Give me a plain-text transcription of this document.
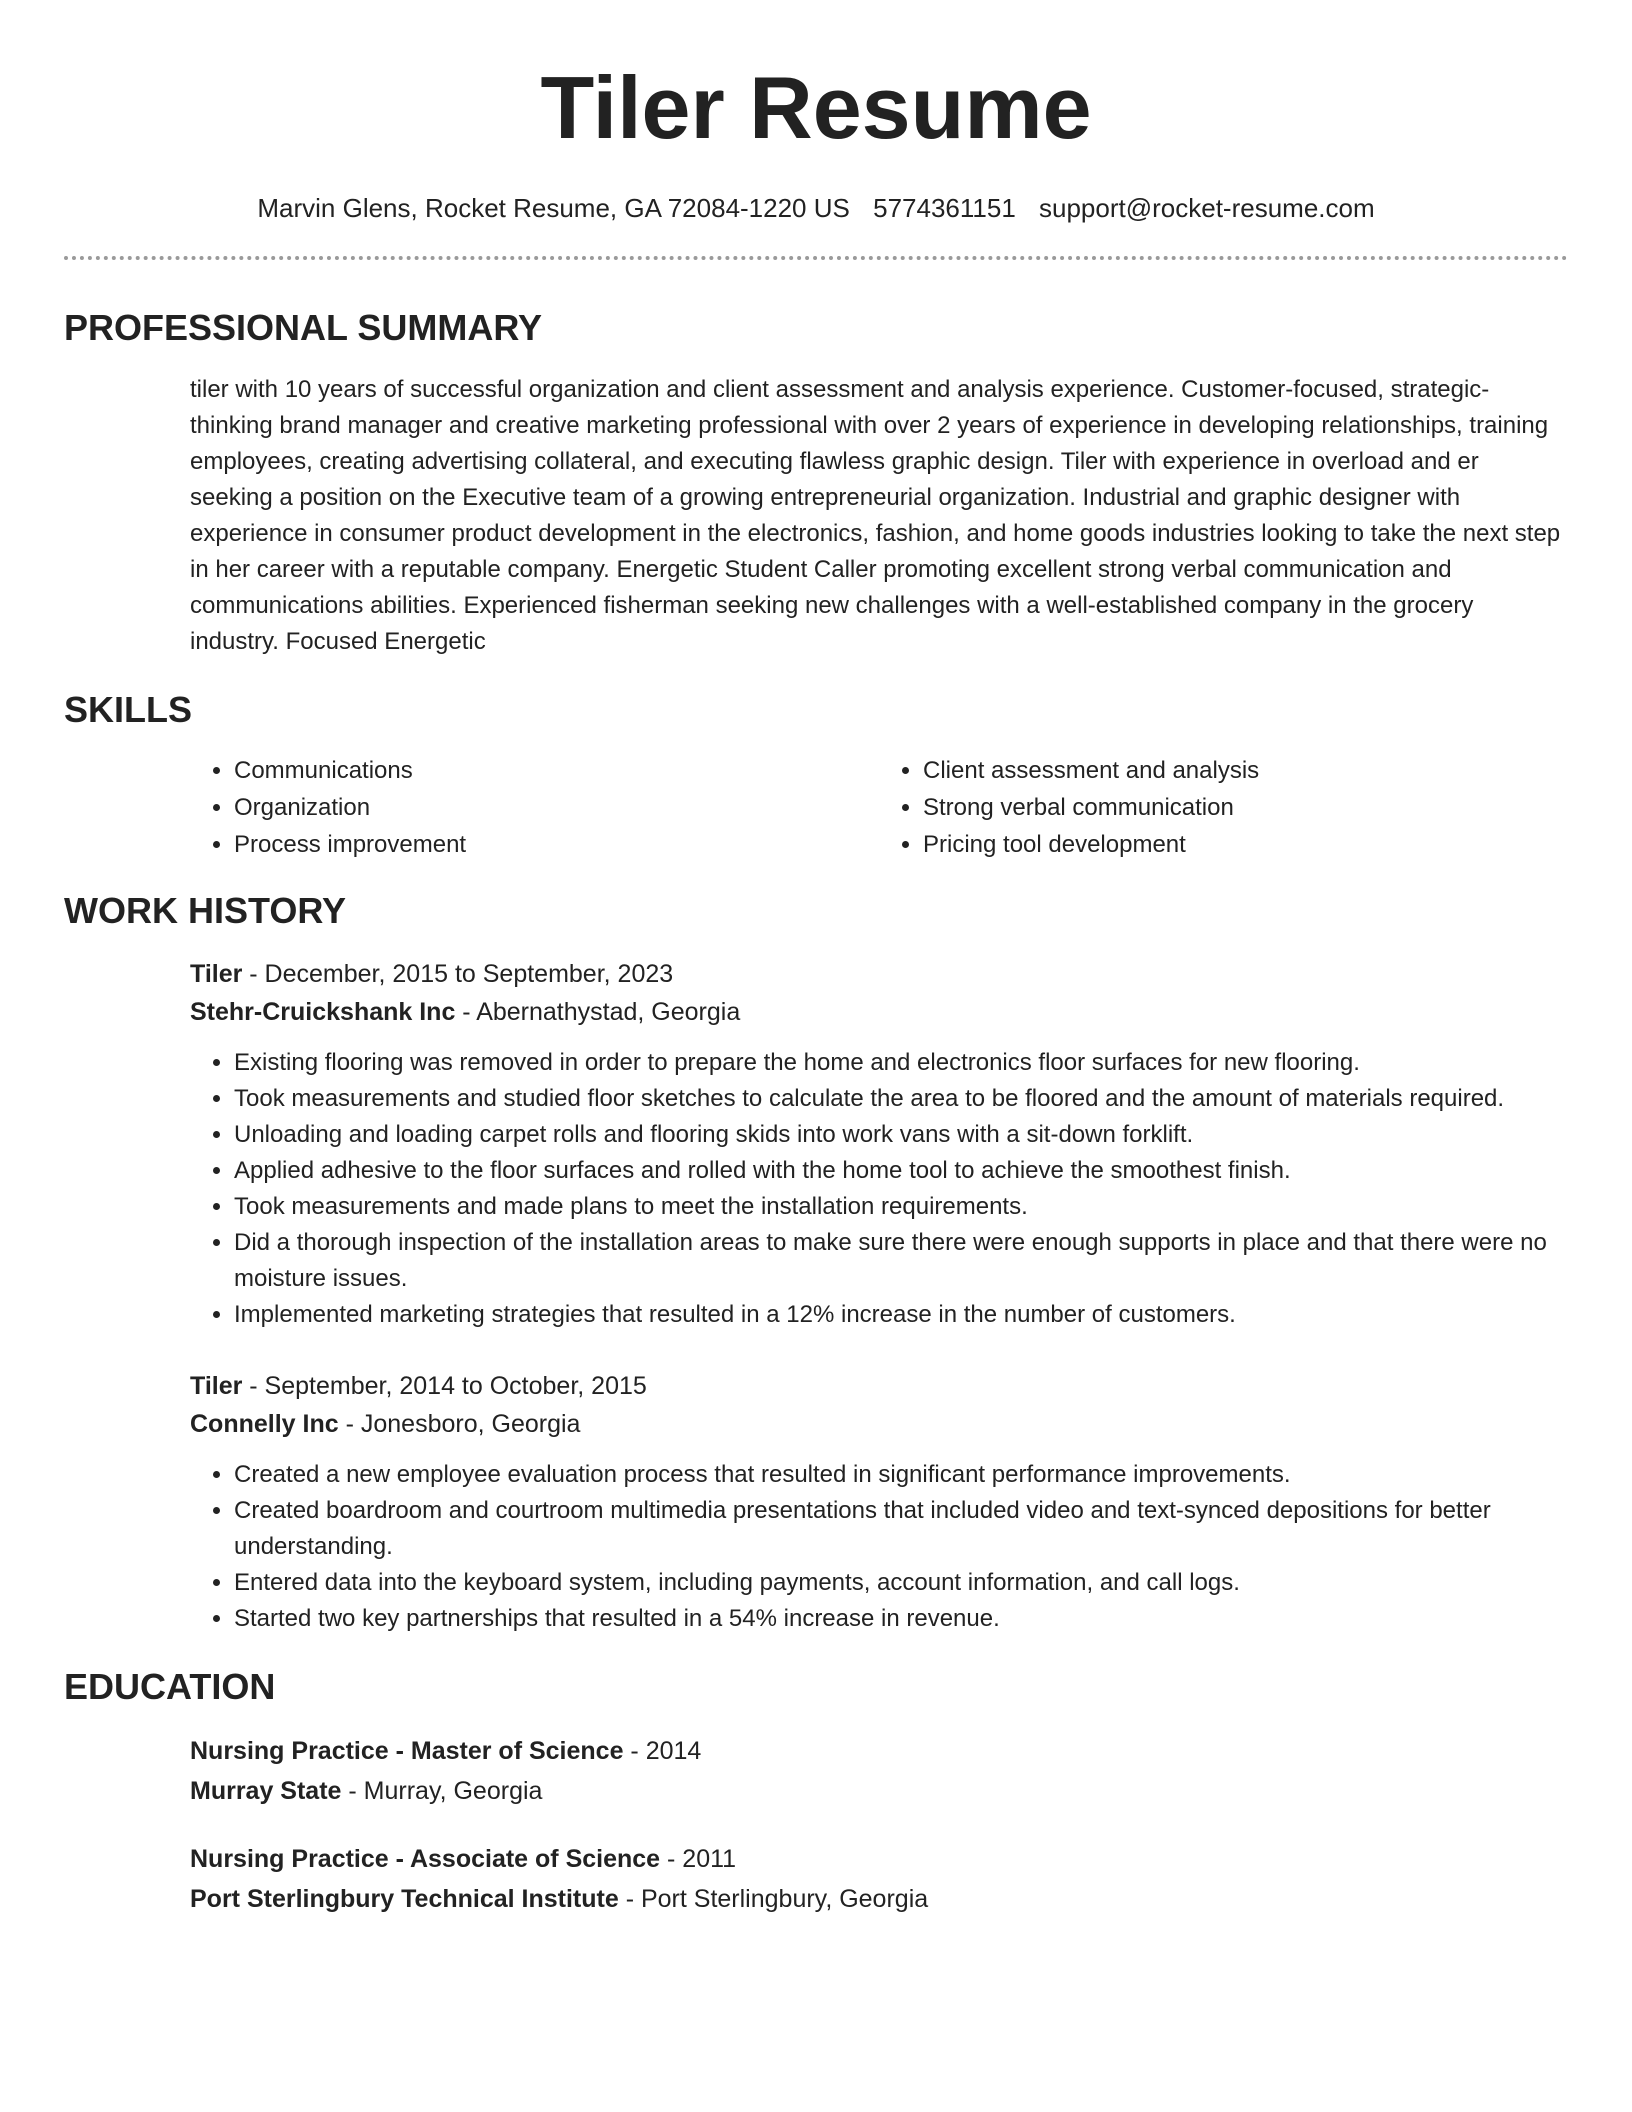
Tiler Resume
Marvin Glens, Rocket Resume, GA 72084-1220 US 5774361151 support@rocket-resume.com
PROFESSIONAL SUMMARY

tiler with 10 years of successful organization and client assessment and analysis experience. Customer-focused, strategic-thinking brand manager and creative marketing professional with over 2 years of experience in developing relationships, training employees, creating advertising collateral, and executing flawless graphic design. Tiler with experience in overload and er seeking a position on the Executive team of a growing entrepreneurial organization. Industrial and graphic designer with experience in consumer product development in the electronics, fashion, and home goods industries looking to take the next step in her career with a reputable company. Energetic Student Caller promoting excellent strong verbal communication and communications abilities. Experienced fisherman seeking new challenges with a well-established company in the grocery industry. Focused Energetic

SKILLS
• Communications
• Organization
• Process improvement
• Client assessment and analysis
• Strong verbal communication
• Pricing tool development
WORK HISTORY
Tiler - December, 2015 to September, 2023
Stehr-Cruickshank Inc - Abernathystad, Georgia
• Existing flooring was removed in order to prepare the home and electronics floor surfaces for new flooring.
• Took measurements and studied floor sketches to calculate the area to be floored and the amount of materials required.
• Unloading and loading carpet rolls and flooring skids into work vans with a sit-down forklift.
• Applied adhesive to the floor surfaces and rolled with the home tool to achieve the smoothest finish.
• Took measurements and made plans to meet the installation requirements.
• Did a thorough inspection of the installation areas to make sure there were enough supports in place and that there were no moisture issues.
• Implemented marketing strategies that resulted in a 12% increase in the number of customers.
Tiler - September, 2014 to October, 2015
Connelly Inc - Jonesboro, Georgia
• Created a new employee evaluation process that resulted in significant performance improvements.
• Created boardroom and courtroom multimedia presentations that included video and text-synced depositions for better understanding.
• Entered data into the keyboard system, including payments, account information, and call logs.
• Started two key partnerships that resulted in a 54% increase in revenue.
EDUCATION
Nursing Practice - Master of Science - 2014
Murray State - Murray, Georgia
Nursing Practice - Associate of Science - 2011
Port Sterlingbury Technical Institute - Port Sterlingbury, Georgia
